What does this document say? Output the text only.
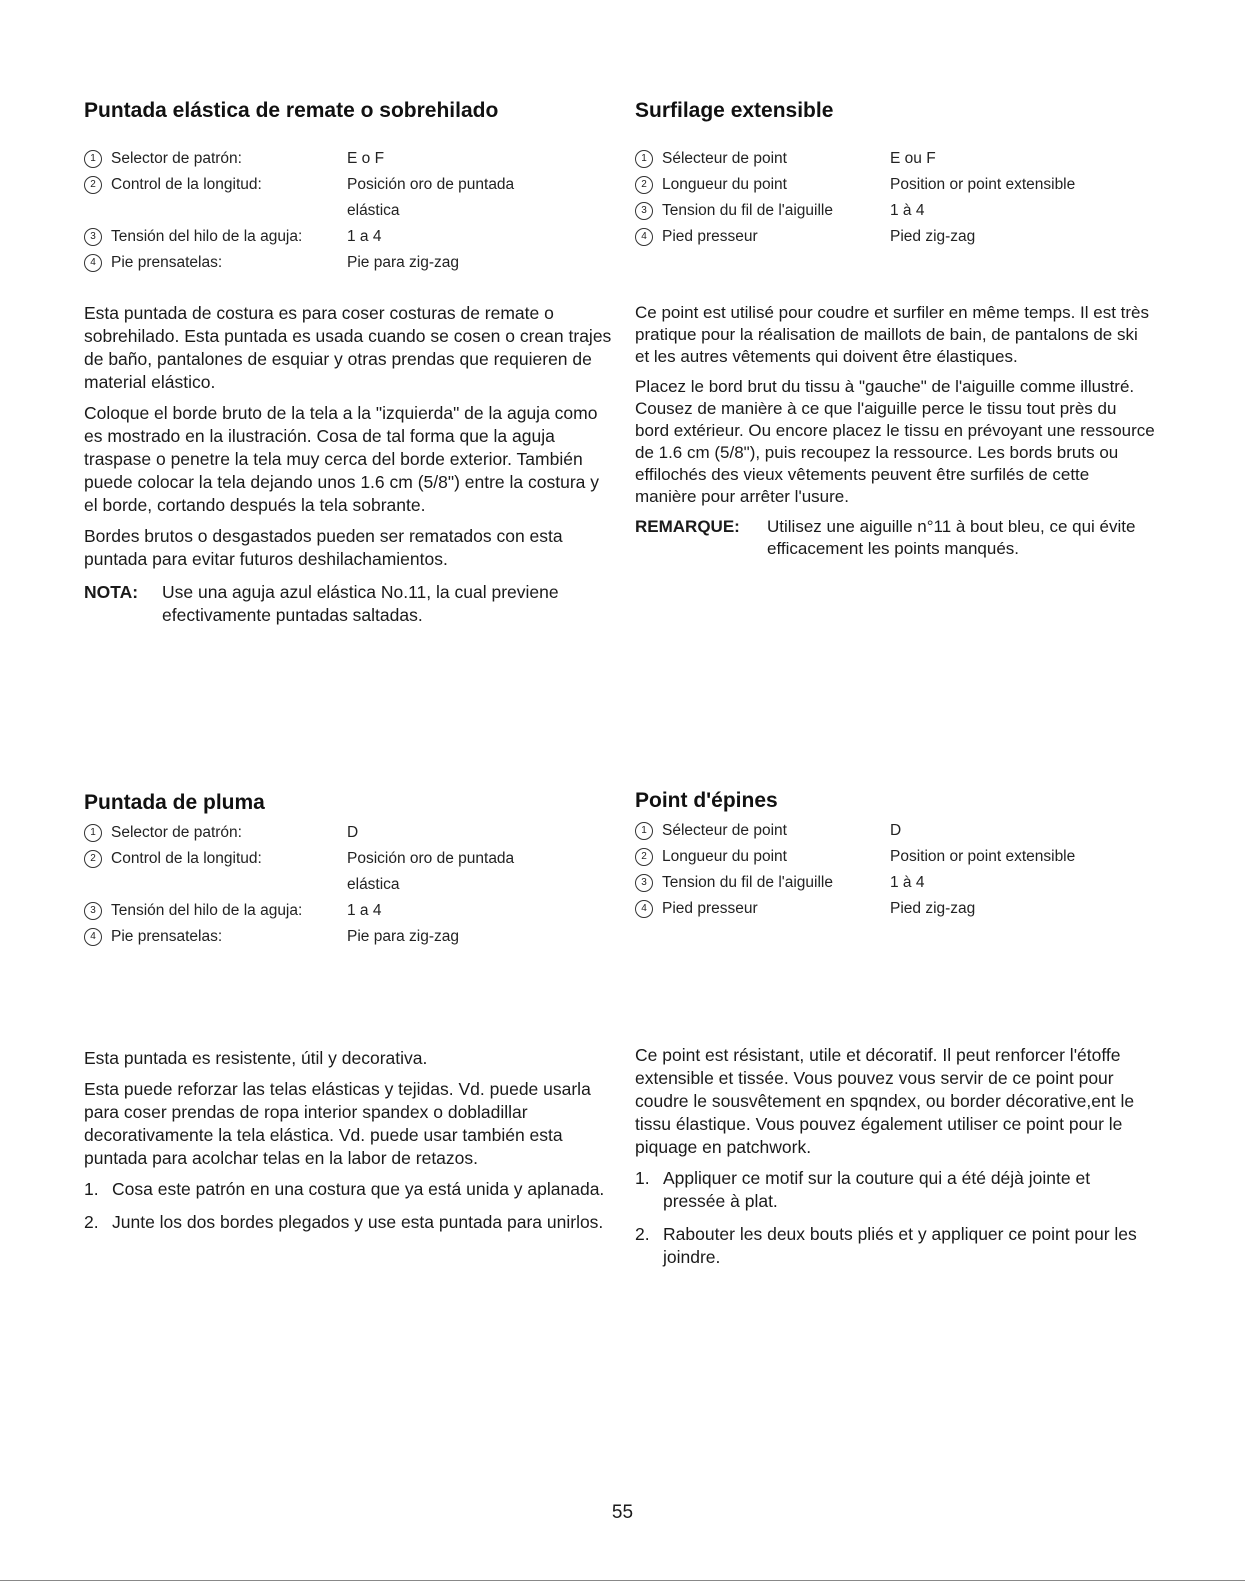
Puntada elástica de remate o sobrehilado
1 Selector de patrón:	E o F
2 Control de la longitud:	Posición oro de puntada elástica
3 Tensión del hilo de la aguja:	1 a 4
4 Pie prensatelas:	Pie para zig-zag

Esta puntada de costura es para coser costuras de remate o sobrehilado. Esta puntada es usada cuando se cosen o crean trajes de baño, pantalones de esquiar y otras prendas que requieren de material elástico.

Coloque el borde bruto de la tela a la "izquierda" de la aguja como es mostrado en la ilustración. Cosa de tal forma que la aguja traspase o penetre la tela muy cerca del borde exterior. También puede colocar la tela dejando unos 1.6 cm (5/8") entre la costura y el borde, cortando después la tela sobrante.

Bordes brutos o desgastados pueden ser rematados con esta puntada para evitar futuros deshilachamientos.

NOTA:	Use una aguja azul elástica No.11, la cual previene efectivamente puntadas saltadas.
Surfilage extensible
1 Sélecteur de point	E ou F
2 Longueur du point	Position or point extensible
3 Tension du fil de l'aiguille	1 à 4
4 Pied presseur	Pied zig-zag

Ce point est utilisé pour coudre et surfiler en même temps. Il est très pratique pour la réalisation de maillots de bain, de pantalons de ski et les autres vêtements qui doivent être élastiques.

Placez le bord brut du tissu à "gauche" de l'aiguille comme illustré. Cousez de manière à ce que l'aiguille perce le tissu tout près du bord extérieur. Ou encore placez le tissu en prévoyant une ressource de 1.6 cm (5/8"), puis recoupez la ressource. Les bords bruts ou effilochés des vieux vêtements peuvent être surfilés de cette manière pour arrêter l'usure.

REMARQUE:	Utilisez une aiguille n°11 à bout bleu, ce qui évite efficacement les points manqués.
Puntada de pluma
1 Selector de patrón:	D
2 Control de la longitud:	Posición oro de puntada elástica
3 Tensión del hilo de la aguja:	1 a 4
4 Pie prensatelas:	Pie para zig-zag

Esta puntada es resistente, útil y decorativa.

Esta puede reforzar las telas elásticas y tejidas. Vd. puede usarla para coser prendas de ropa interior spandex o dobladillar decorativamente la tela elástica. Vd. puede usar también esta puntada para acolchar telas en la labor de retazos.

1. Cosa este patrón en una costura que ya está unida y aplanada.
2. Junte los dos bordes plegados y use esta puntada para unirlos.
Point d'épines
1 Sélecteur de point	D
2 Longueur du point	Position or point extensible
3 Tension du fil de l'aiguille	1 à 4
4 Pied presseur	Pied zig-zag

Ce point est résistant, utile et décoratif. Il peut renforcer l'étoffe extensible et tissée. Vous pouvez vous servir de ce point pour coudre le sousvêtement en spqndex, ou border décorative,ent le tissu élastique. Vous pouvez également utiliser ce point pour le piquage en patchwork.

1. Appliquer ce motif sur la couture qui a été déjà jointe et pressée à plat.
2. Rabouter les deux bouts pliés et y appliquer ce point pour les joindre.
55
